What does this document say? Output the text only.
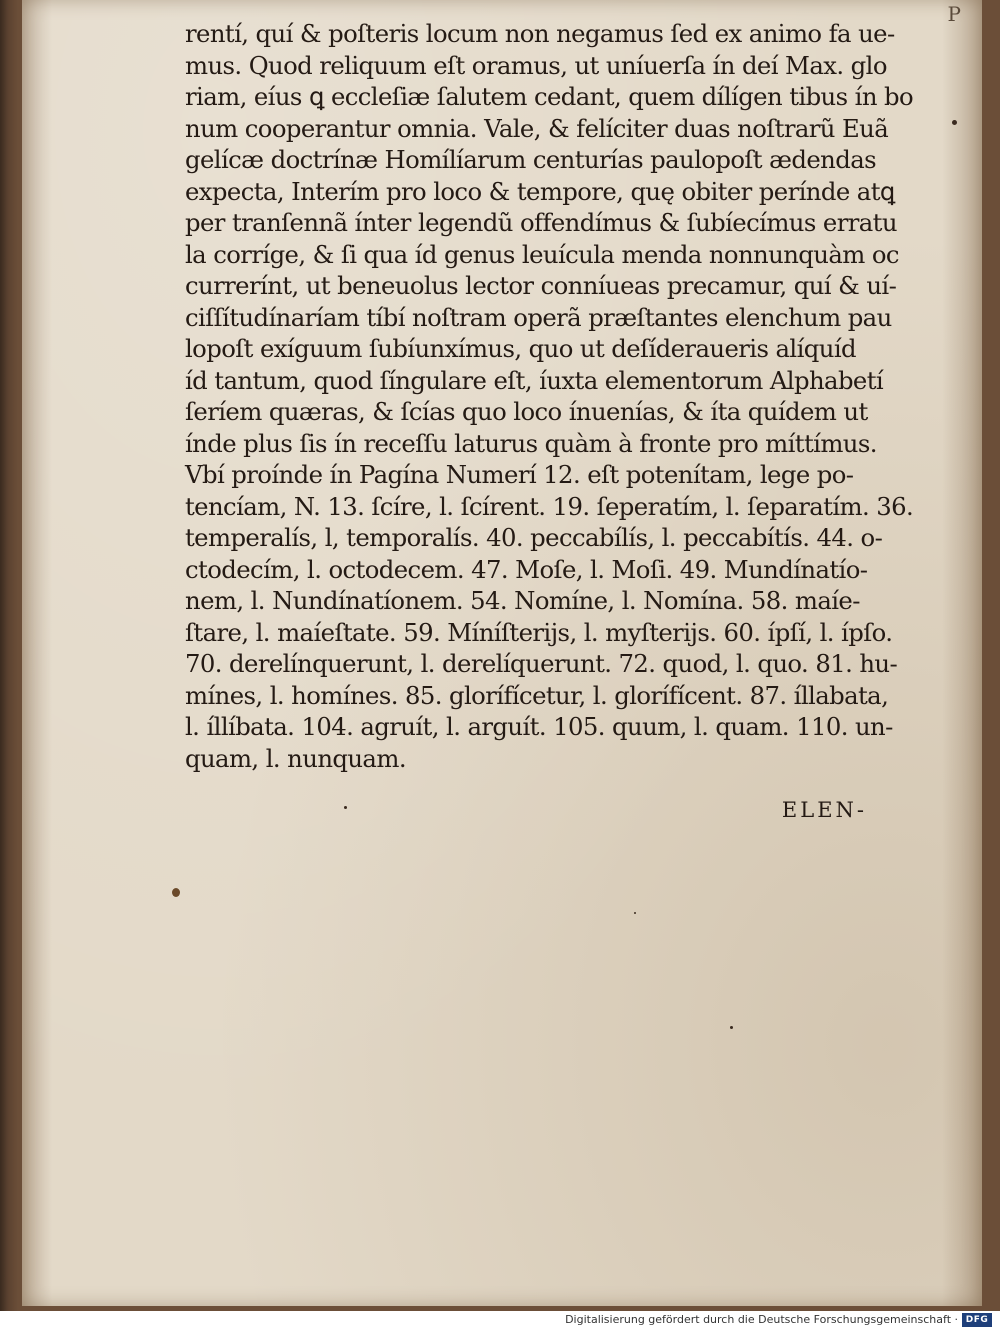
P
rentí, quí & poſteris locum non negamus ſed ex animo fa ue-
mus. Quod reliquum eſt oramus, ut uníuerſa ín deí Max. glo
riam, eíus ꝗ eccleſiæ ſalutem cedant, quem dílígen tibus ín bo
num cooperantur omnia. Vale, & felíciter duas noſtrarũ Euã
gelícæ doctrínæ Homílíarum centurías paulopoſt ædendas
expecta, Interím pro loco & tempore, quę obiter perínde atꝗ
per tranſennã ínter legendũ offendímus & ſubíecímus erratu
la corríge, & ſi qua íd genus leuícula menda nonnunquàm oc
currerínt, ut beneuolus lector conníueas precamur, quí & uí-
ciſſítudínaríam tíbí noſtram operã præſtantes elenchum pau
lopoſt exíguum ſubíunxímus, quo ut deſíderaueris alíquíd
íd tantum, quod ſíngulare eſt, íuxta elementorum Alphabetí
ſeríem quæras, & ſcías quo loco ínuenías, & íta quídem ut
índe plus ſis ín receſſu laturus quàm à fronte pro míttímus.
Vbí proínde ín Pagína Numerí 12. eſt potenítam, lege po-
tencíam, N. 13. ſcíre, l. ſcírent. 19. ſeperatím, l. ſeparatím. 36.
temperalís, l, temporalís. 40. peccabílís, l. peccabítís. 44. o-
ctodecím, l. octodecem. 47. Moſe, l. Moſi. 49. Mundínatío-
nem, l. Nundínatíonem. 54. Nomíne, l. Nomína. 58. maíe-
ſtare, l. maíeſtate. 59. Míníſterijs, l. myſterijs. 60. ípſí, l. ípſo.
70. derelínquerunt, l. derelíquerunt. 72. quod, l. quo. 81. hu-
mínes, l. homínes. 85. glorífícetur, l. glorífícent. 87. íllabata,
l. íllíbata. 104. agruít, l. arguít. 105. quum, l. quam. 110. un-
quam, l. nunquam.
ELEN-
Digitalisierung gefördert durch die Deutsche Forschungsgemeinschaft · DFG
